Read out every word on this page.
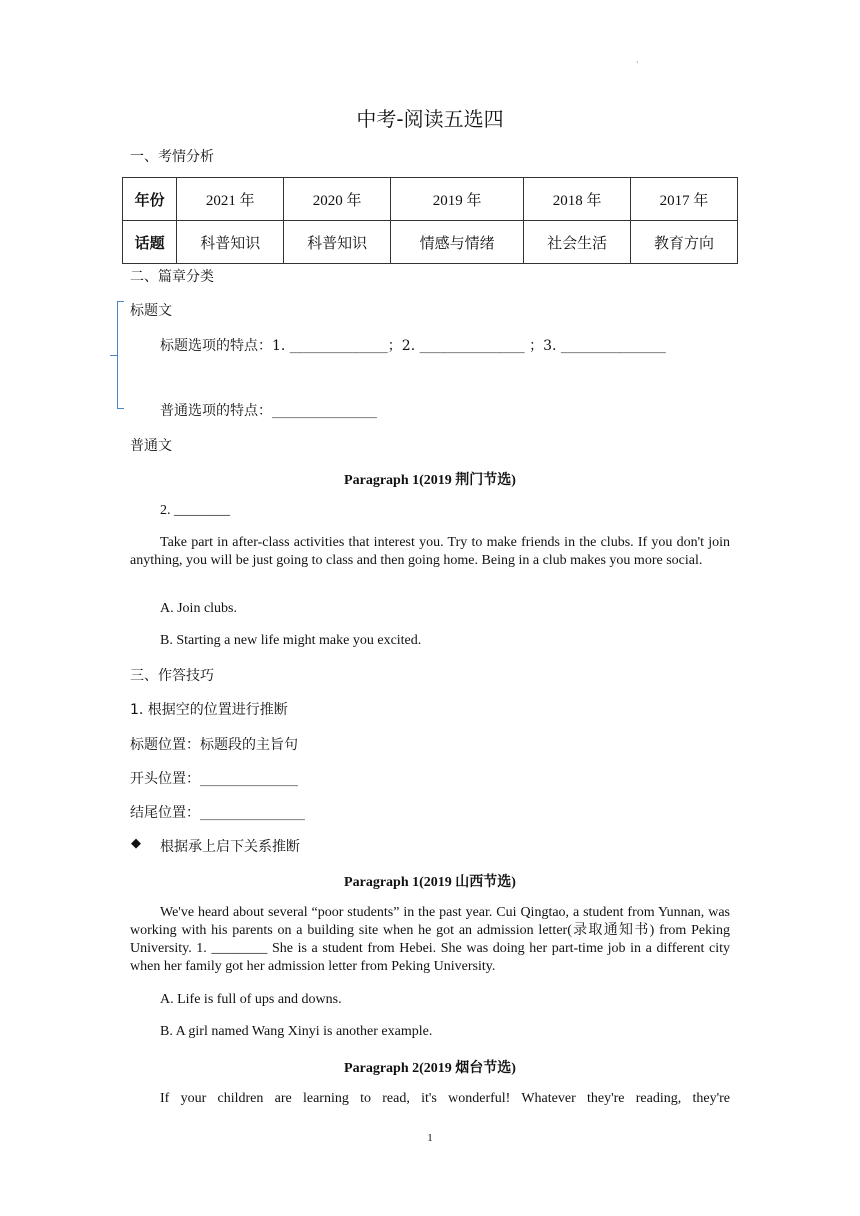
·
中考-阅读五选四
一、考情分析
年份	2021 年	2020 年	2019 年	2018 年	2017 年
话题	科普知识	科普知识	情感与情绪	社会生活	教育方向
二、篇章分类
标题文
标题选项的特点：1. ______________；2. _______________ ；3. _______________
普通选项的特点：_______________
普通文
Paragraph 1(2019 荆门节选)
2. ________
Take part in after-class activities that interest you. Try to make friends in the clubs. If you don't join anything, you will be just going to class and then going home. Being in a club makes you more social.
A. Join clubs.
B. Starting a new life might make you excited.
三、作答技巧
1. 根据空的位置进行推断
标题位置：标题段的主旨句
开头位置：______________
结尾位置：_______________
◆ 根据承上启下关系推断
Paragraph 1(2019 山西节选)
We've heard about several “poor students” in the past year. Cui Qingtao, a student from Yunnan, was working with his parents on a building site when he got an admission letter(录取通知书) from Peking University. 1. ________ She is a student from Hebei. She was doing her part-time job in a different city when her family got her admission letter from Peking University.
A. Life is full of ups and downs.
B. A girl named Wang Xinyi is another example.
Paragraph 2(2019 烟台节选)
If your children are learning to read, it's wonderful! Whatever they're reading, they're
1
